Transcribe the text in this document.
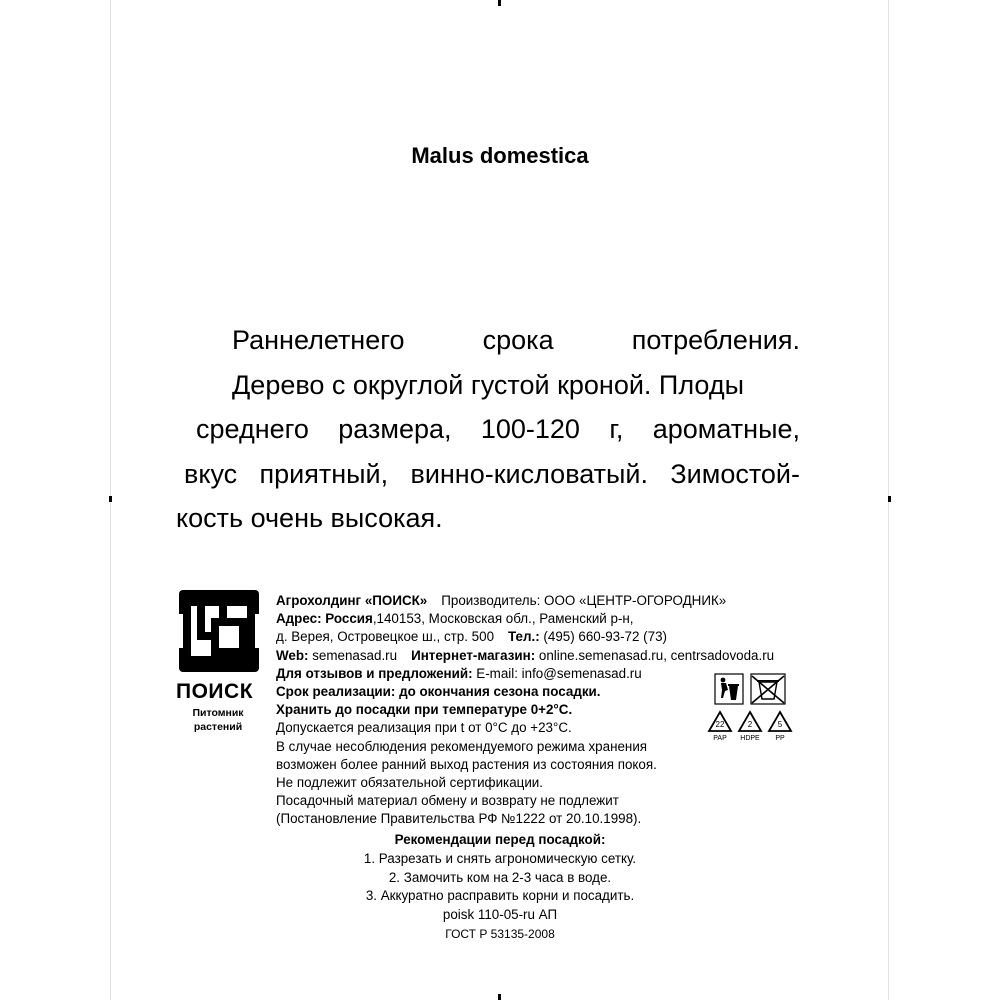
Malus domestica
Раннелетнего срока потребления.
Дерево с округлой густой кроной. Плоды
среднего размера, 100-120 г, ароматные,
вкус приятный, винно-кисловатый. Зимостой-
кость очень высокая.
ПОИСК
Питомник
растений
Агрохолдинг «ПОИСК» Производитель: ООО «ЦЕНТР-ОГОРОДНИК»
Адрес: Россия,140153, Московская обл., Раменский р-н,
д. Верея, Островецкое ш., стр. 500 Тел.: (495) 660-93-72 (73)
Web: semenasad.ru Интернет-магазин: online.semenasad.ru, centrsadovoda.ru
Для отзывов и предложений: E-mail: info@semenasad.ru
Срок реализации: до окончания сезона посадки.
Хранить до посадки при температуре 0+2°С.
Допускается реализация при t от 0°С до +23°С.
В случае несоблюдения рекомендуемого режима хранения
возможен более ранний выход растения из состояния покоя.
Не подлежит обязательной сертификации.
Посадочный материал обмену и возврату не подлежит
(Постановление Правительства РФ №1222 от 20.10.1998).
Рекомендации перед посадкой:
1. Разрезать и снять агрономическую сетку.
2. Замочить ком на 2-3 часа в воде.
3. Аккуратно расправить корни и посадить.
poisk 110-05-ru АП
ГОСТ Р 53135-2008
22
PAP
2
HDPE
5
PP
